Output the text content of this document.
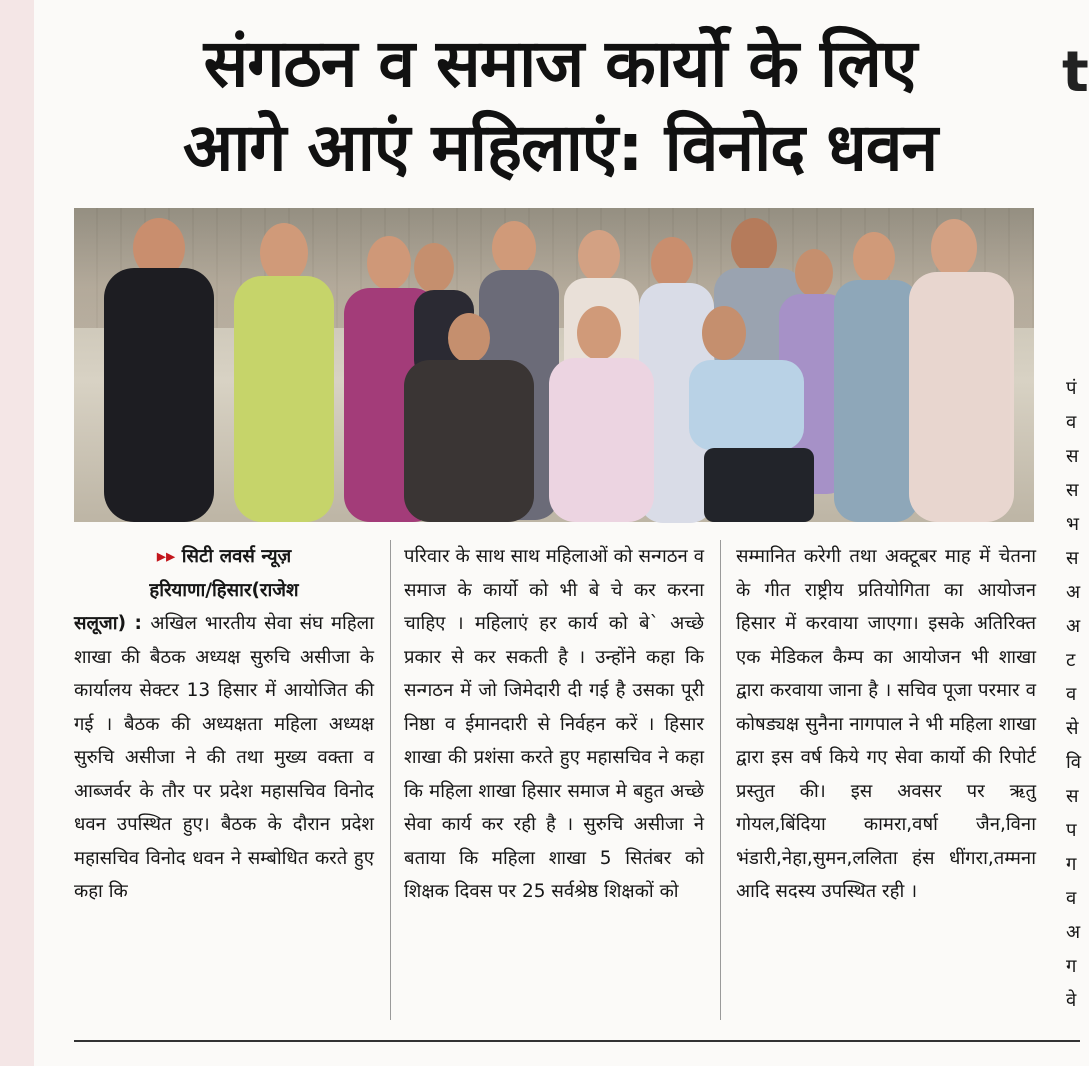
संगठन व समाज कार्यो के लिए
आगे आएं महिलाएं: विनोद धवन
t
▸▸ सिटी लवर्स न्यूज़
हरियाणा/हिसार(राजेश
सलूजा) : अखिल भारतीय सेवा संघ महिला शाखा की बैठक अध्यक्ष सुरुचि असीजा के कार्यालय सेक्टर 13 हिसार में आयोजित की गई । बैठक की अध्यक्षता महिला अध्यक्ष सुरुचि असीजा ने की तथा मुख्य वक्ता व आब्जर्वर के तौर पर प्रदेश महासचिव विनोद धवन उपस्थित हुए। बैठक के दौरान प्रदेश महासचिव विनोद धवन ने सम्बोधित करते हुए कहा कि
परिवार के साथ साथ महिलाओं को सन्गठन व समाज के कार्यो को भी बे चे कर करना चाहिए । महिलाएं हर कार्य को बे` अच्छे प्रकार से कर सकती है । उन्होंने कहा कि सन्गठन में जो जिमेदारी दी गई है उसका पूरी निष्ठा व ईमानदारी से निर्वहन करें । हिसार शाखा की प्रशंसा करते हुए महासचिव ने कहा कि महिला शाखा हिसार समाज मे बहुत अच्छे सेवा कार्य कर रही है । सुरुचि असीजा ने बताया कि महिला शाखा 5 सितंबर को शिक्षक दिवस पर 25 सर्वश्रेष्ठ शिक्षकों को
सम्मानित करेगी तथा अक्टूबर माह में चेतना के गीत राष्ट्रीय प्रतियोगिता का आयोजन हिसार में करवाया जाएगा। इसके अतिरिक्त एक मेडिकल कैम्प का आयोजन भी शाखा द्वारा करवाया जाना है । सचिव पूजा परमार व कोषड्यक्ष सुनैना नागपाल ने भी महिला शाखा द्वारा इस वर्ष किये गए सेवा कार्यो की रिपोर्ट प्रस्तुत की। इस अवसर पर ऋतु गोयल,बिंदिया कामरा,वर्षा जैन,विना भंडारी,नेहा,सुमन,ललिता हंस धींगरा,तम्मना आदि सदस्य उपस्थित रही ।
पं
व
स
स
भ
स
अ
अ
ट
व
से
वि
स
प
ग
व
अ
ग
वे
